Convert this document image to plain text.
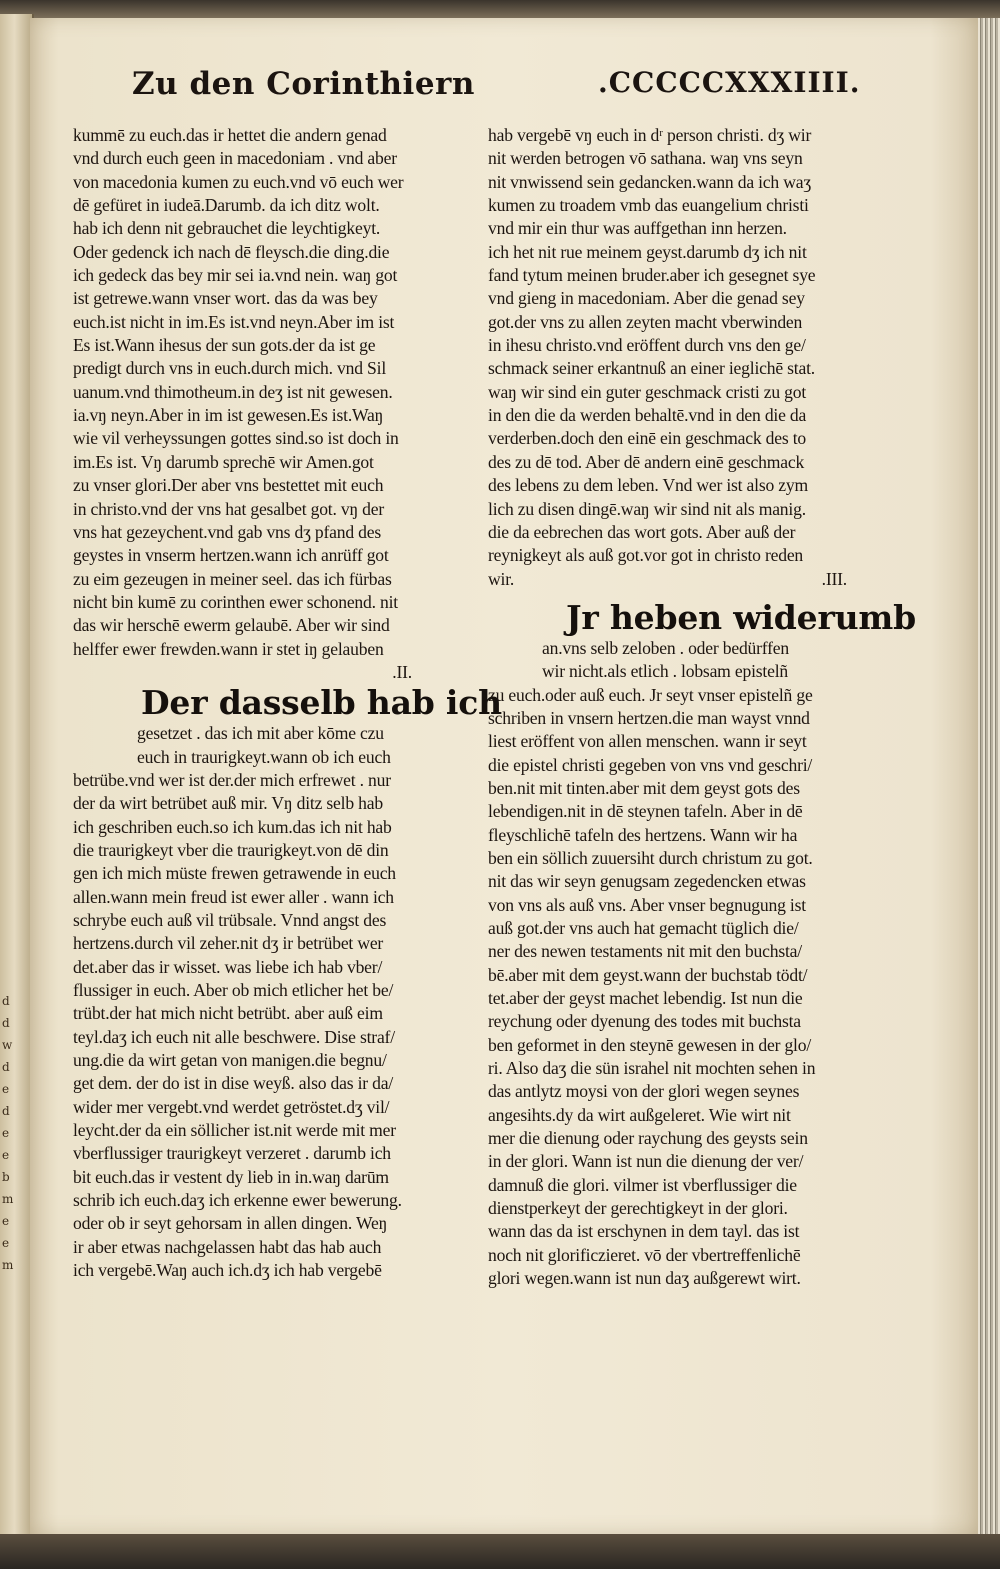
d
d
w
d
e
d
e
e
b
m
e
e
m
Zu den Corinthiern	.CCCCCXXXIIII.
kummē zu euch.das ir hettet die andern genad
vnd durch euch geen in macedoniam . vnd aber
von macedonia kumen zu euch.vnd vō euch wer
dē gefüret in iudeā.Darumb. da ich ditz wolt.
hab ich denn nit gebrauchet die leychtigkeyt.
Oder gedenck ich nach dē fleysch.die ding.die
ich gedeck das bey mir sei ia.vnd nein. waŋ got
ist getrewe.wann vnser wort. das da was bey
euch.ist nicht in im.Es ist.vnd neyn.Aber im ist
Es ist.Wann ihesus der sun gots.der da ist ge
predigt durch vns in euch.durch mich. vnd Sil
uanum.vnd thimotheum.in deʒ ist nit gewesen.
ia.vŋ neyn.Aber in im ist gewesen.Es ist.Waŋ
wie vil verheyssungen gottes sind.so ist doch in
im.Es ist. Vŋ darumb sprechē wir Amen.got
zu vnser glori.Der aber vns bestettet mit euch
in christo.vnd der vns hat gesalbet got. vŋ der
vns hat gezeychent.vnd gab vns dʒ pfand des
geystes in vnserm hertzen.wann ich anrüff got
zu eim gezeugen in meiner seel. das ich fürbas
nicht bin kumē zu corinthen ewer schonend. nit
das wir herschē ewerm gelaubē. Aber wir sind
helffer ewer frewden.wann ir stet iŋ gelauben
.II.
Der dasselb hab ich
gesetzet . das ich mit aber kōme czu
euch in traurigkeyt.wann ob ich euch
betrübe.vnd wer ist der.der mich erfrewet . nur
der da wirt betrübet auß mir. Vŋ ditz selb hab
ich geschriben euch.so ich kum.das ich nit hab
die traurigkeyt vber die traurigkeyt.von dē din
gen ich mich müste frewen getrawende in euch
allen.wann mein freud ist ewer aller . wann ich
schrybe euch auß vil trübsale. Vnnd angst des
hertzens.durch vil zeher.nit dʒ ir betrübet wer
det.aber das ir wisset. was liebe ich hab vber/
flussiger in euch. Aber ob mich etlicher het be/
trübt.der hat mich nicht betrübt. aber auß eim
teyl.daʒ ich euch nit alle beschwere. Dise straf/
ung.die da wirt getan von manigen.die begnu/
get dem. der do ist in dise weyß. also das ir da/
wider mer vergebt.vnd werdet getröstet.dʒ vil/
leycht.der da ein söllicher ist.nit werde mit mer
vberflussiger traurigkeyt verzeret . darumb ich
bit euch.das ir vestent dy lieb in in.waŋ darūm
schrib ich euch.daʒ ich erkenne ewer bewerung.
oder ob ir seyt gehorsam in allen dingen. Weŋ
ir aber etwas nachgelassen habt das hab auch
ich vergebē.Waŋ auch ich.dʒ ich hab vergebē
hab vergebē vŋ euch in dʳ person christi. dʒ wir
nit werden betrogen vō sathana. waŋ vns seyn
nit vnwissend sein gedancken.wann da ich waʒ
kumen zu troadem vmb das euangelium christi
vnd mir ein thur was auffgethan inn herzen.
ich het nit rue meinem geyst.darumb dʒ ich nit
fand tytum meinen bruder.aber ich gesegnet sye
vnd gieng in macedoniam. Aber die genad sey
got.der vns zu allen zeyten macht vberwinden
in ihesu christo.vnd eröffent durch vns den ge/
schmack seiner erkantnuß an einer ieglichē stat.
waŋ wir sind ein guter geschmack cristi zu got
in den die da werden behaltē.vnd in den die da
verderben.doch den einē ein geschmack des to
des zu dē tod. Aber dē andern einē geschmack
des lebens zu dem leben. Vnd wer ist also zym
lich zu disen dingē.waŋ wir sind nit als manig.
die da eebrechen das wort gots. Aber auß der
reynigkeyt als auß got.vor got in christo reden
wir.	.III.
Jr heben widerumb
an.vns selb zeloben . oder bedürffen
wir nicht.als etlich . lobsam epistelñ
zu euch.oder auß euch. Jr seyt vnser epistelñ ge
schriben in vnsern hertzen.die man wayst vnnd
liest eröffent von allen menschen. wann ir seyt
die epistel christi gegeben von vns vnd geschri/
ben.nit mit tinten.aber mit dem geyst gots des
lebendigen.nit in dē steynen tafeln. Aber in dē
fleyschlichē tafeln des hertzens. Wann wir ha
ben ein söllich zuuersiht durch christum zu got.
nit das wir seyn genugsam zegedencken etwas
von vns als auß vns. Aber vnser begnugung ist
auß got.der vns auch hat gemacht tüglich die/
ner des newen testaments nit mit den buchsta/
bē.aber mit dem geyst.wann der buchstab tödt/
tet.aber der geyst machet lebendig. Ist nun die
reychung oder dyenung des todes mit buchsta
ben geformet in den steynē gewesen in der glo/
ri. Also daʒ die sün israhel nit mochten sehen in
das antlytz moysi von der glori wegen seynes
angesihts.dy da wirt außgeleret. Wie wirt nit
mer die dienung oder raychung des geysts sein
in der glori. Wann ist nun die dienung der ver/
damnuß die glori. vilmer ist vberflussiger die
dienstperkeyt der gerechtigkeyt in der glori.
wann das da ist erschynen in dem tayl. das ist
noch nit glorificzieret. vō der vbertreffenlichē
glori wegen.wann ist nun daʒ außgerewt wirt.
